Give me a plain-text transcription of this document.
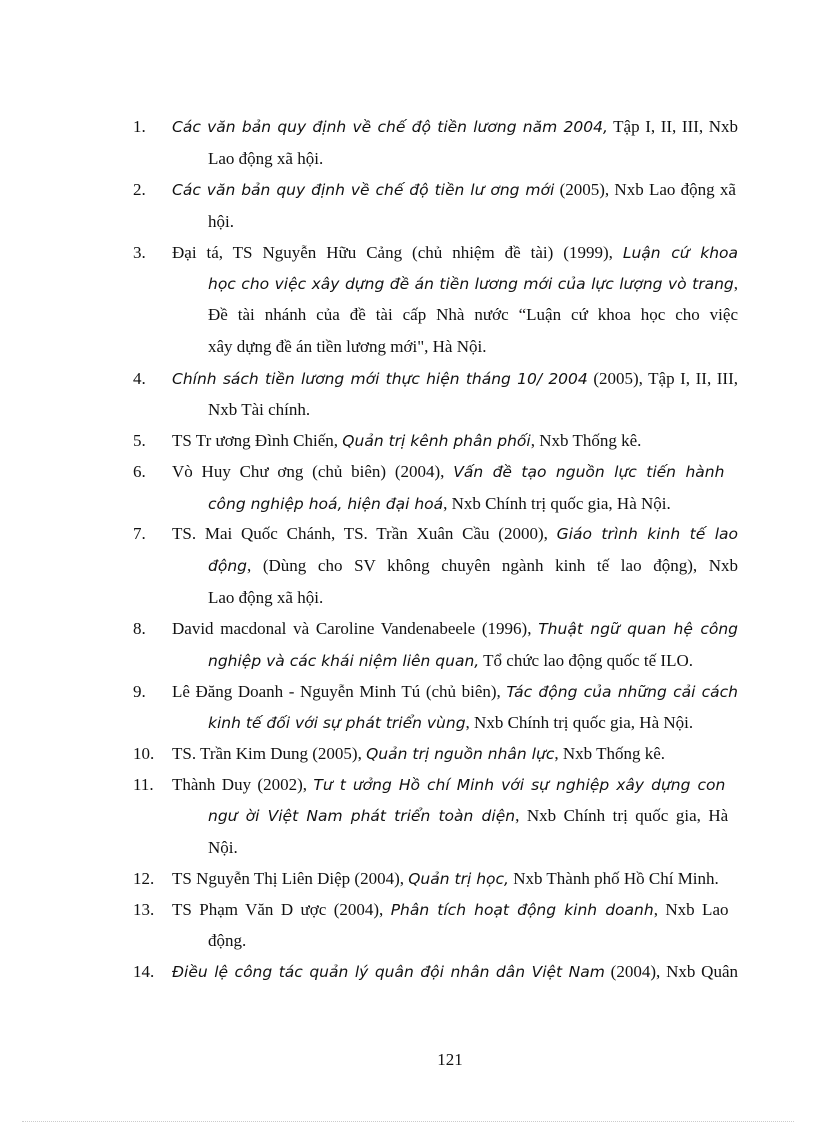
1. Các văn bản quy định về chế độ tiền lương năm 2004, Tập I, II, III, Nxb
Lao động xã hội.
2. Các văn bản quy định về chế độ tiền lư ơng mới (2005), Nxb Lao động xã
hội.
3. Đại tá, TS Nguyễn Hữu Cảng (chủ nhiệm đề tài) (1999), Luận cứ khoa
học cho việc xây dựng đề án tiền lương mới của lực lượng vò trang,
Đề tài nhánh của đề tài cấp Nhà nước “Luận cứ khoa học cho việc
xây dựng đề án tiền lương mới", Hà Nội.
4. Chính sách tiền lương mới thực hiện tháng 10/ 2004 (2005), Tập I, II, III,
Nxb Tài chính.
5. TS Tr ương Đình Chiến, Quản trị kênh phân phối, Nxb Thống kê.
6. Vò Huy Chư ơng (chủ biên) (2004), Vấn đề tạo nguồn lực tiến hành
công nghiệp hoá, hiện đại hoá, Nxb Chính trị quốc gia, Hà Nội.
7. TS. Mai Quốc Chánh, TS. Trần Xuân Cầu (2000), Giáo trình kinh tế lao
động, (Dùng cho SV không chuyên ngành kinh tế lao động), Nxb
Lao động xã hội.
8. David macdonal và Caroline Vandenabeele (1996), Thuật ngữ quan hệ công
nghiệp và các khái niệm liên quan, Tổ chức lao động quốc tế ILO.
9. Lê Đăng Doanh - Nguyễn Minh Tú (chủ biên), Tác động của những cải cách
kinh tế đối với sự phát triển vùng, Nxb Chính trị quốc gia, Hà Nội.
10. TS. Trần Kim Dung (2005), Quản trị nguồn nhân lực, Nxb Thống kê.
11. Thành Duy (2002), Tư t ưởng Hồ chí Minh với sự nghiệp xây dựng con
ngư ời Việt Nam phát triển toàn diện, Nxb Chính trị quốc gia, Hà
Nội.
12. TS Nguyễn Thị Liên Diệp (2004), Quản trị học, Nxb Thành phố Hồ Chí Minh.
13. TS Phạm Văn D ược (2004), Phân tích hoạt động kinh doanh, Nxb Lao
động.
14. Điều lệ công tác quản lý quân đội nhân dân Việt Nam (2004), Nxb Quân
121
